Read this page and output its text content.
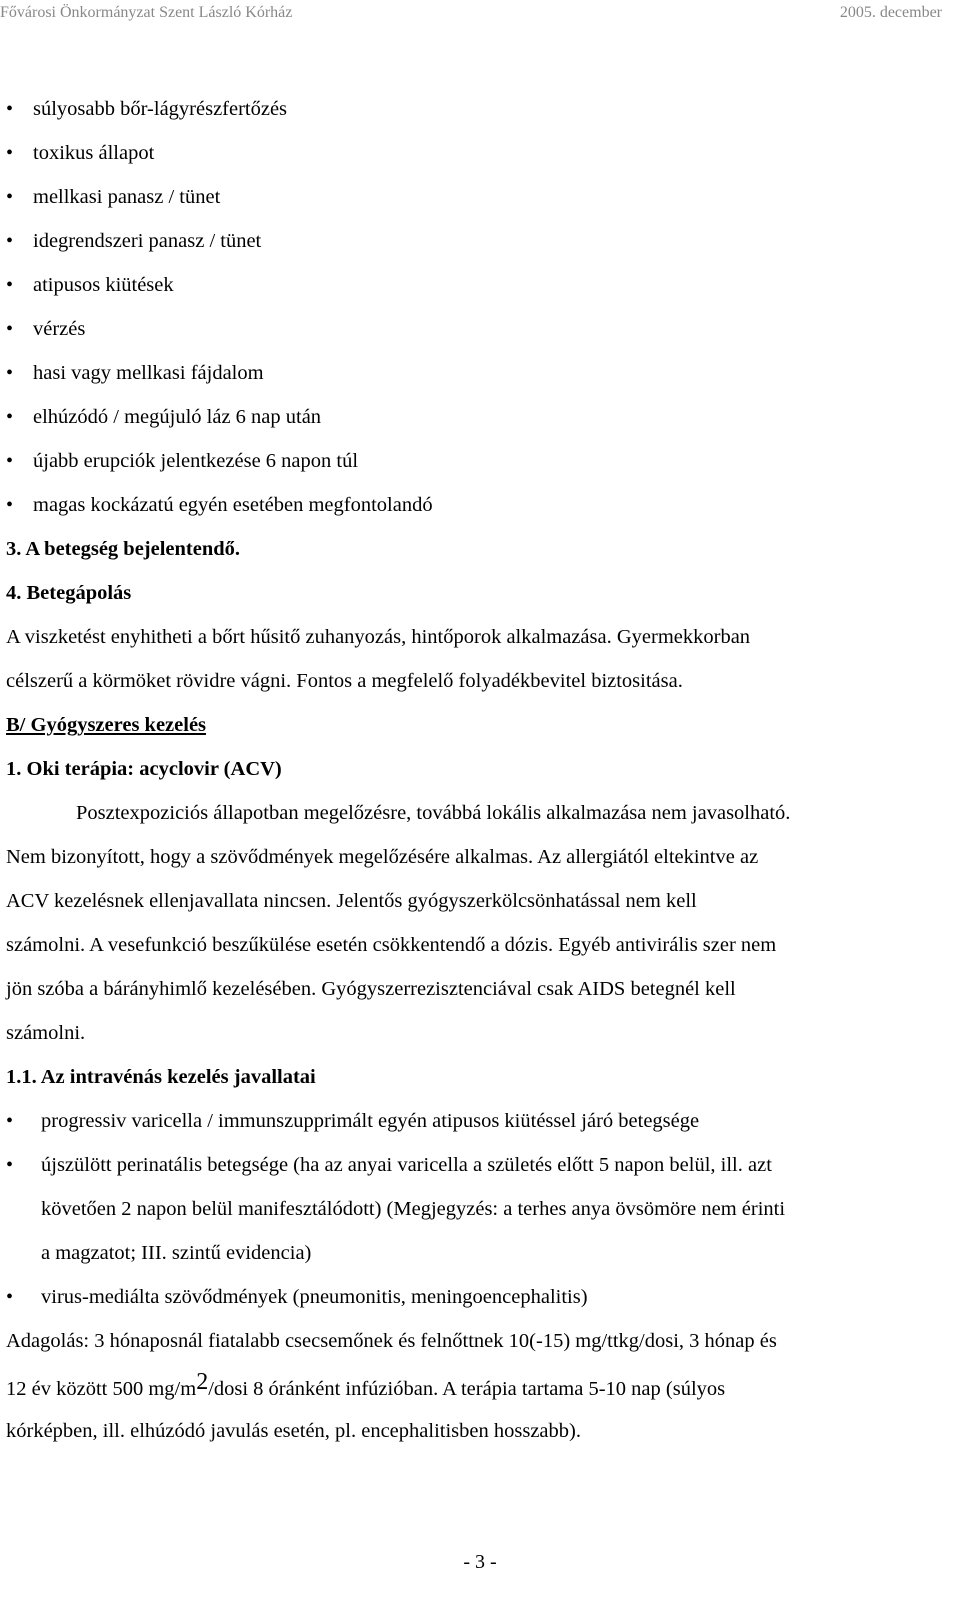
Fővárosi Önkormányzat Szent László Kórház	2005. december
• súlyosabb bőr-lágyrészfertőzés
• toxikus állapot
• mellkasi panasz / tünet
• idegrendszeri panasz / tünet
• atipusos kiütések
• vérzés
• hasi vagy mellkasi fájdalom
• elhúzódó / megújuló láz 6 nap után
• újabb erupciók jelentkezése 6 napon túl
• magas kockázatú egyén esetében megfontolandó
3. A betegség bejelentendő.
4. Betegápolás
A viszketést enyhitheti a bőrt hűsitő zuhanyozás, hintőporok alkalmazása. Gyermekkorban
célszerű a körmöket rövidre vágni. Fontos a megfelelő folyadékbevitel biztositása.
B/ Gyógyszeres kezelés
1. Oki terápia: acyclovir (ACV)
Posztexpoziciós állapotban megelőzésre, továbbá lokális alkalmazása nem javasolható.
Nem bizonyított, hogy a szövődmények megelőzésére alkalmas. Az allergiától eltekintve az
ACV kezelésnek ellenjavallata nincsen. Jelentős gyógyszerkölcsönhatással nem kell
számolni. A vesefunkció beszűkülése esetén csökkentendő a dózis. Egyéb antivirális szer nem
jön szóba a bárányhimlő kezelésében. Gyógyszerrezisztenciával csak AIDS betegnél kell
számolni.
1.1. Az intravénás kezelés javallatai
• progressiv varicella / immunszupprimált egyén atipusos kiütéssel járó betegsége
• újszülött perinatális betegsége (ha az anyai varicella a születés előtt 5 napon belül, ill. azt
követően 2 napon belül manifesztálódott) (Megjegyzés: a terhes anya övsömöre nem érinti
a magzatot; III. szintű evidencia)
• virus-mediálta szövődmények (pneumonitis, meningoencephalitis)
Adagolás: 3 hónaposnál fiatalabb csecsemőnek és felnőttnek 10(-15) mg/ttkg/dosi, 3 hónap és
12 év között 500 $mg/m^2$/dosi 8 óránként infúzióban. A terápia tartama 5-10 nap (súlyos
kórképben, ill. elhúzódó javulás esetén, pl. encephalitisben hosszabb).
- 3 -
